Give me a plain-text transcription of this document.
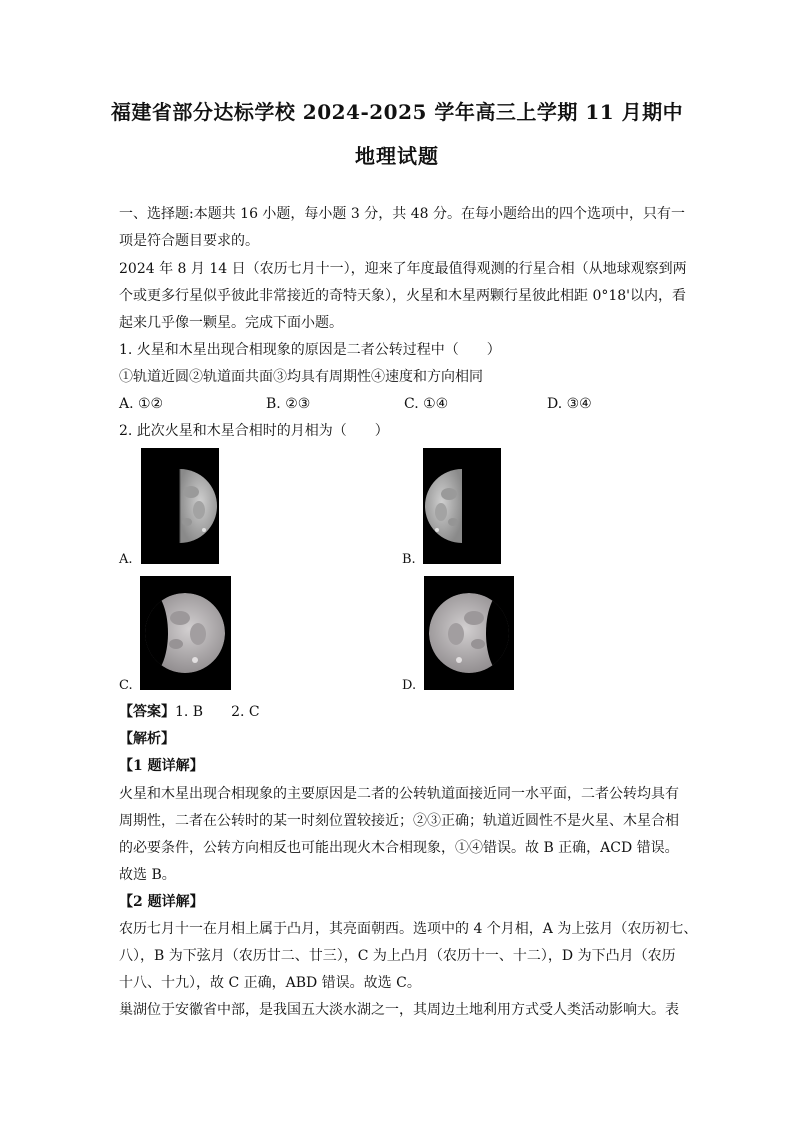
福建省部分达标学校 2024-2025 学年高三上学期 11 月期中
地理试题
一、选择题:本题共 16 小题，每小题 3 分，共 48 分。在每小题给出的四个选项中，只有一
项是符合题目要求的。
2024 年 8 月 14 日（农历七月十一），迎来了年度最值得观测的行星合相（从地球观察到两
个或更多行星似乎彼此非常接近的奇特天象），火星和木星两颗行星彼此相距 0°18'以内，看
起来几乎像一颗星。完成下面小题。
1. 火星和木星出现合相现象的原因是二者公转过程中（　　）
①轨道近圆②轨道面共面③均具有周期性④速度和方向相同
A. ①②	B. ②③	C. ①④	D. ③④
2. 此次火星和木星合相时的月相为（　　）
A.	B.
C.	D.
【答案】1. B　　2. C
【解析】
【1 题详解】
火星和木星出现合相现象的主要原因是二者的公转轨道面接近同一水平面，二者公转均具有
周期性，二者在公转时的某一时刻位置较接近；②③正确；轨道近圆性不是火星、木星合相
的必要条件，公转方向相反也可能出现火木合相现象，①④错误。故 B 正确，ACD 错误。
故选 B。
【2 题详解】
农历七月十一在月相上属于凸月，其亮面朝西。选项中的 4 个月相，A 为上弦月（农历初七、
八），B 为下弦月（农历廿二、廿三），C 为上凸月（农历十一、十二），D 为下凸月（农历
十八、十九），故 C 正确，ABD 错误。故选 C。
巢湖位于安徽省中部，是我国五大淡水湖之一，其周边土地利用方式受人类活动影响大。表
